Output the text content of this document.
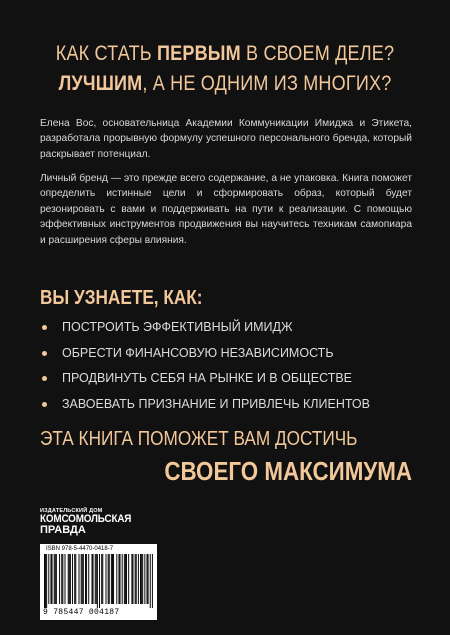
КАК СТАТЬ ПЕРВЫМ В СВОЕМ ДЕЛЕ?
ЛУЧШИМ, А НЕ ОДНИМ ИЗ МНОГИХ?
Елена Вос, основательница Академии Коммуникации Имиджа и Этикета, разработала прорывную формулу успешного персонального бренда, который раскрывает потенциал.
Личный бренд — это прежде всего содержание, а не упаковка. Книга поможет определить истинные цели и сформировать образ, который будет резонировать с вами и поддерживать на пути к реализации. С помощью эффективных инструментов продвижения вы научитесь техникам самопиара и расширения сферы влияния.
ВЫ УЗНАЕТЕ, КАК:
ПОСТРОИТЬ ЭФФЕКТИВНЫЙ ИМИДЖ
ОБРЕСТИ ФИНАНСОВУЮ НЕЗАВИСИМОСТЬ
ПРОДВИНУТЬ СЕБЯ НА РЫНКЕ И В ОБЩЕСТВЕ
ЗАВОЕВАТЬ ПРИЗНАНИЕ И ПРИВЛЕЧЬ КЛИЕНТОВ
ЭТА КНИГА ПОМОЖЕТ ВАМ ДОСТИЧЬ
СВОЕГО МАКСИМУМА
ИЗДАТЕЛЬСКИЙ ДОМ
КОМСОМОЛЬСКАЯ
ПРАВДА
ISBN 978-5-4470-0418-7
9 785447 004187
